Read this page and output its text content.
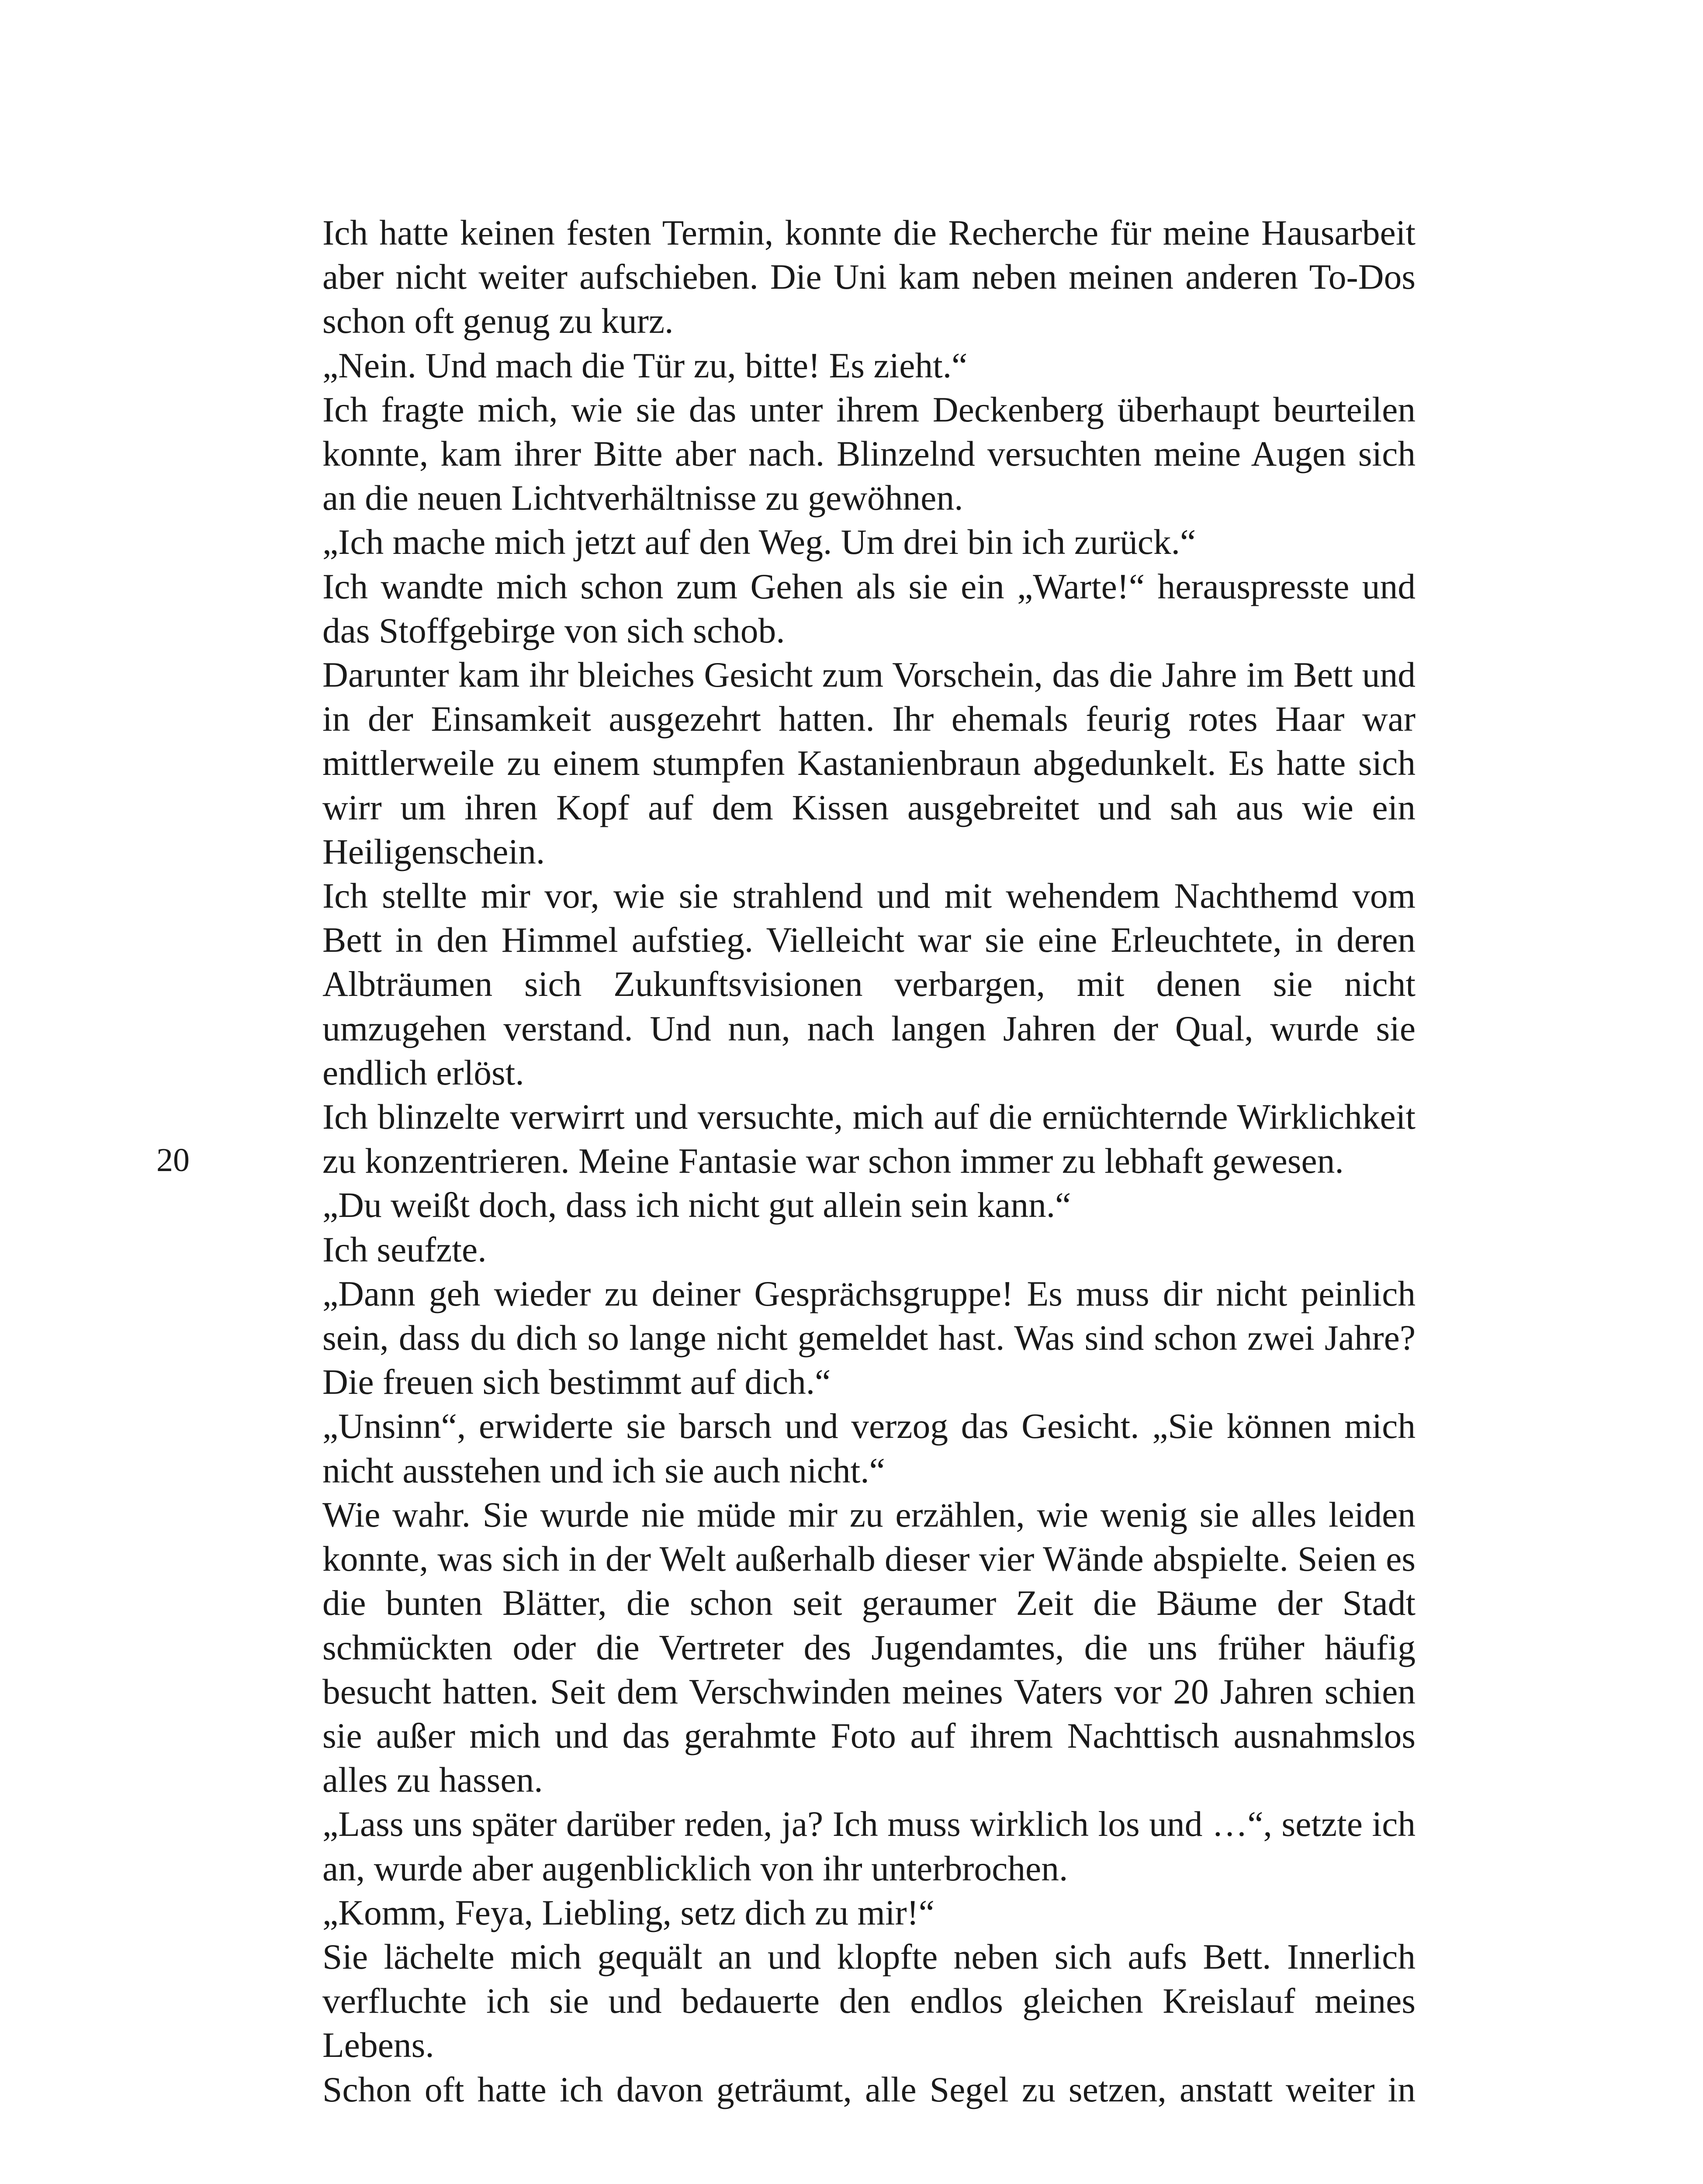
20

Ich hatte keinen festen Termin, konnte die Recherche für meine Hausarbeit aber nicht weiter aufschieben. Die Uni kam neben meinen anderen To-Dos schon oft genug zu kurz.

„Nein. Und mach die Tür zu, bitte! Es zieht.“

Ich fragte mich, wie sie das unter ihrem Deckenberg überhaupt beurteilen konnte, kam ihrer Bitte aber nach. Blinzelnd versuchten meine Augen sich an die neuen Lichtverhältnisse zu gewöhnen.

„Ich mache mich jetzt auf den Weg. Um drei bin ich zurück.“

Ich wandte mich schon zum Gehen als sie ein „Warte!“ herauspresste und das Stoffgebirge von sich schob.

Darunter kam ihr bleiches Gesicht zum Vorschein, das die Jahre im Bett und in der Einsamkeit ausgezehrt hatten. Ihr ehemals feurig rotes Haar war mittlerweile zu einem stumpfen Kastanienbraun abgedunkelt. Es hatte sich wirr um ihren Kopf auf dem Kissen ausgebreitet und sah aus wie ein Heiligenschein.

Ich stellte mir vor, wie sie strahlend und mit wehendem Nachthemd vom Bett in den Himmel aufstieg. Vielleicht war sie eine Erleuchtete, in deren Albträumen sich Zukunftsvisionen verbargen, mit denen sie nicht umzugehen verstand. Und nun, nach langen Jahren der Qual, wurde sie endlich erlöst.

Ich blinzelte verwirrt und versuchte, mich auf die ernüchternde Wirklichkeit zu konzentrieren. Meine Fantasie war schon immer zu lebhaft gewesen.

„Du weißt doch, dass ich nicht gut allein sein kann.“

Ich seufzte.

„Dann geh wieder zu deiner Gesprächsgruppe! Es muss dir nicht peinlich sein, dass du dich so lange nicht gemeldet hast. Was sind schon zwei Jahre? Die freuen sich bestimmt auf dich.“

„Unsinn“, erwiderte sie barsch und verzog das Gesicht. „Sie können mich nicht ausstehen und ich sie auch nicht.“

Wie wahr. Sie wurde nie müde mir zu erzählen, wie wenig sie alles leiden konnte, was sich in der Welt außerhalb dieser vier Wände abspielte. Seien es die bunten Blätter, die schon seit geraumer Zeit die Bäume der Stadt schmückten oder die Vertreter des Jugendamtes, die uns früher häufig besucht hatten. Seit dem Verschwinden meines Vaters vor 20 Jahren schien sie außer mich und das gerahmte Foto auf ihrem Nachttisch ausnahmslos alles zu hassen.

„Lass uns später darüber reden, ja? Ich muss wirklich los und …“, setzte ich an, wurde aber augenblicklich von ihr unterbrochen.

„Komm, Feya, Liebling, setz dich zu mir!“

Sie lächelte mich gequält an und klopfte neben sich aufs Bett. Innerlich verfluchte ich sie und bedauerte den endlos gleichen Kreislauf meines Lebens.

Schon oft hatte ich davon geträumt, alle Segel zu setzen, anstatt weiter in
